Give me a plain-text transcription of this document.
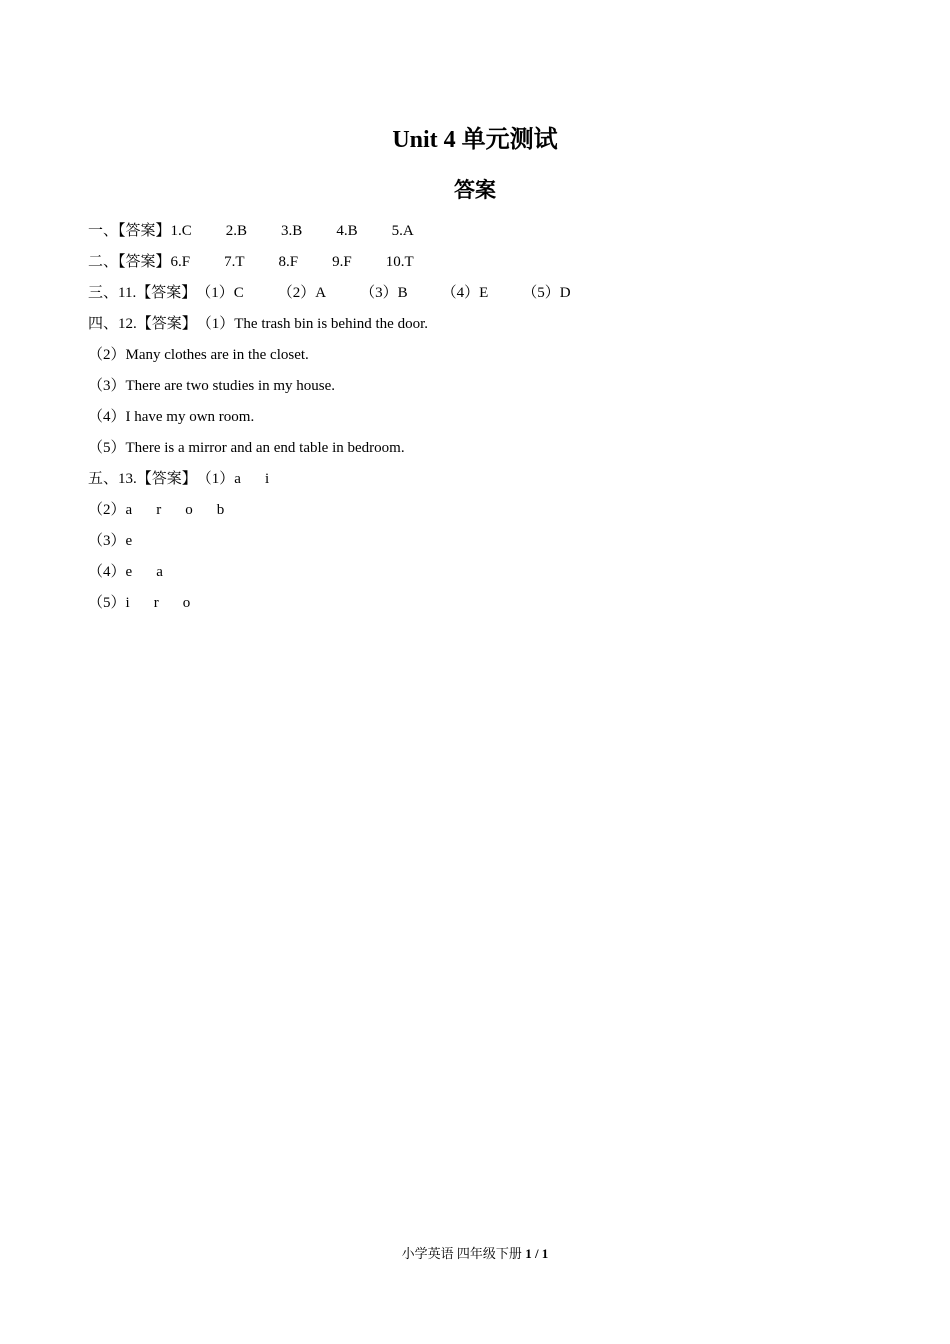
Unit 4 单元测试
答案
一、【答案】1.C 2.B 3.B 4.B 5.A
二、【答案】6.F 7.T 8.F 9.F 10.T
三、11.【答案】（1）C （2）A （3）B （4）E （5）D
四、12.【答案】（1）The trash bin is behind the door.
（2）Many clothes are in the closet.
（3）There are two studies in my house.
（4）I have my own room.
（5）There is a mirror and an end table in bedroom.
五、13.【答案】（1）a i
（2）a r o b
（3）e
（4）e a
（5）i r o
小学英语 四年级下册 1 / 1
